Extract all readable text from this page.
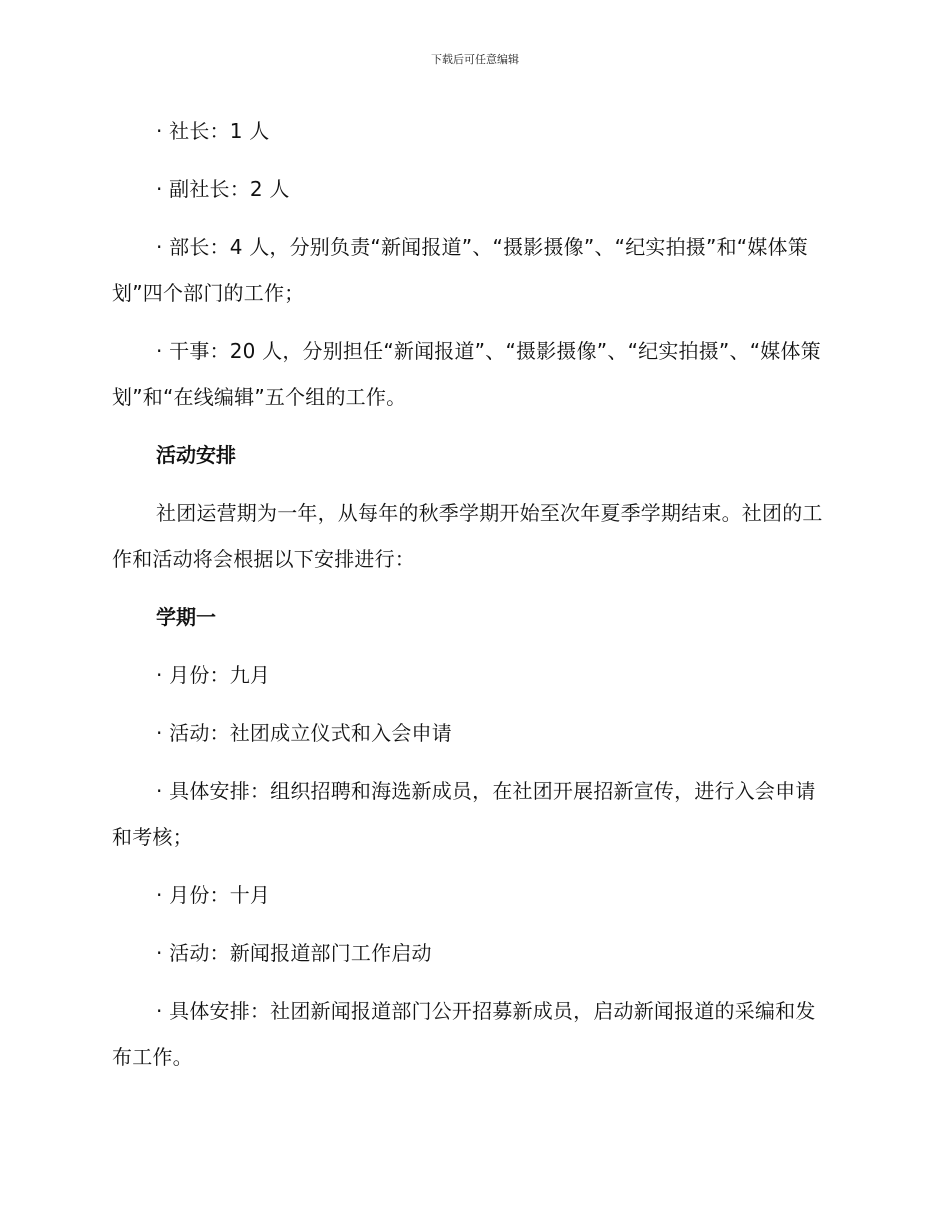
下载后可任意编辑

· 社长：1 人

· 副社长：2 人

· 部长：4 人，分别负责“新闻报道”、“摄影摄像”、“纪实拍摄”和“媒体策划”四个部门的工作；

· 干事：20 人，分别担任“新闻报道”、“摄影摄像”、“纪实拍摄”、“媒体策划”和“在线编辑”五个组的工作。

活动安排

社团运营期为一年，从每年的秋季学期开始至次年夏季学期结束。社团的工作和活动将会根据以下安排进行：

学期一

· 月份：九月

· 活动：社团成立仪式和入会申请

· 具体安排：组织招聘和海选新成员，在社团开展招新宣传，进行入会申请和考核；

· 月份：十月

· 活动：新闻报道部门工作启动

· 具体安排：社团新闻报道部门公开招募新成员，启动新闻报道的采编和发布工作。
